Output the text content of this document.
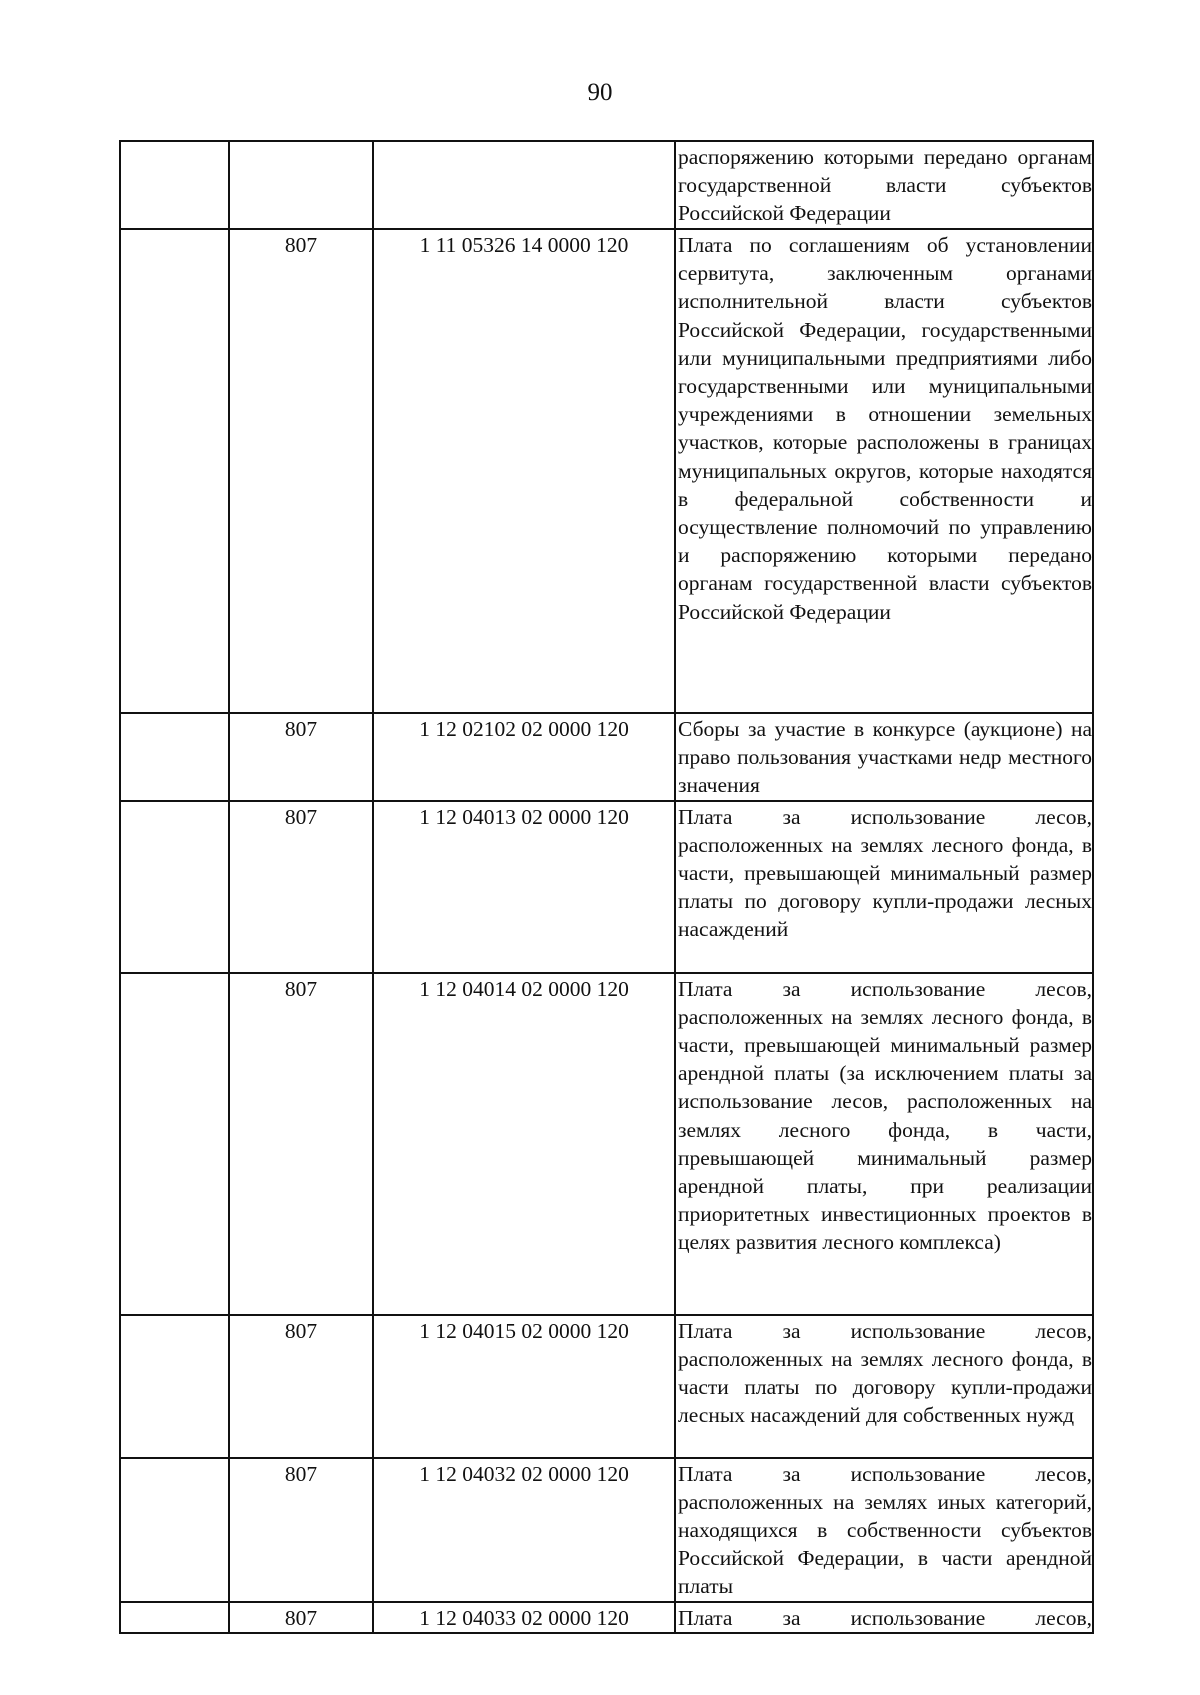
90

			распоряжению которыми передано органам государственной власти субъектов Российской Федерации

	807	1 11 05326 14 0000 120	Плата по соглашениям об установлении сервитута, заключенным органами исполнительной власти субъектов Российской Федерации, государственными или муниципальными предприятиями либо государственными или муниципальными учреждениями в отношении земельных участков, которые расположены в границах муниципальных округов, которые находятся в федеральной собственности и осуществление полномочий по управлению и распоряжению которыми передано органам государственной власти субъектов Российской Федерации

	807	1 12 02102 02 0000 120	Сборы за участие в конкурсе (аукционе) на право пользования участками недр местного значения

	807	1 12 04013 02 0000 120	Плата за использование лесов, расположенных на землях лесного фонда, в части, превышающей минимальный размер платы по договору купли-продажи лесных насаждений

	807	1 12 04014 02 0000 120	Плата за использование лесов, расположенных на землях лесного фонда, в части, превышающей минимальный размер арендной платы (за исключением платы за использование лесов, расположенных на землях лесного фонда, в части, превышающей минимальный размер арендной платы, при реализации приоритетных инвестиционных проектов в целях развития лесного комплекса)

	807	1 12 04015 02 0000 120	Плата за использование лесов, расположенных на землях лесного фонда, в части платы по договору купли-продажи лесных насаждений для собственных нужд

	807	1 12 04032 02 0000 120	Плата за использование лесов, расположенных на землях иных категорий, находящихся в собственности субъектов Российской Федерации, в части арендной платы

	807	1 12 04033 02 0000 120	Плата за использование лесов,
